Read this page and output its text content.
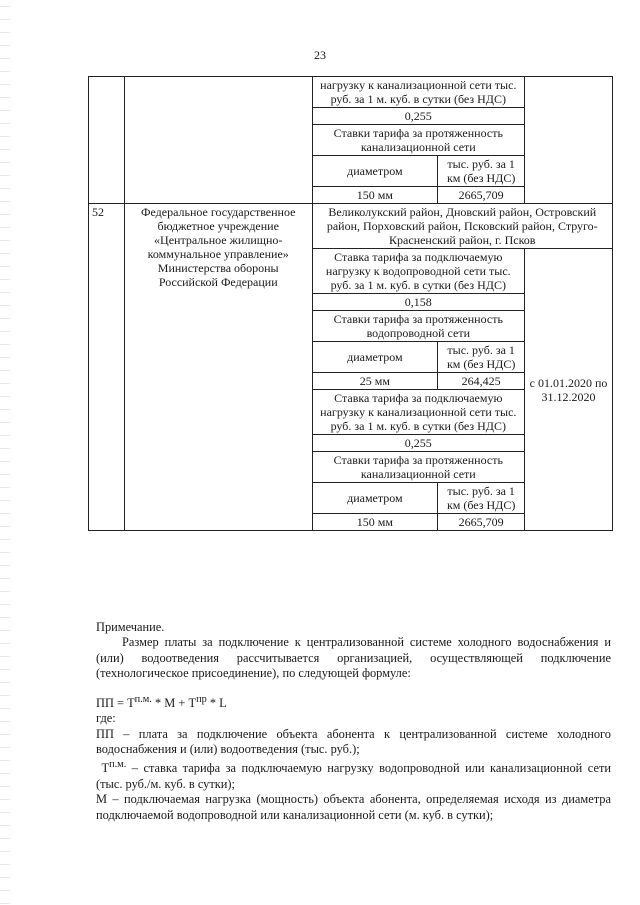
23
		нагрузку к канализационной сети тыс. руб. за 1 м. куб. в сутки (без НДС)		
		0,255		
		Ставки тарифа за протяженность канализационной сети		
		диаметром	тыс. руб. за 1 км (без НДС)	
		150 мм	2665,709	
52	Федеральное государственное бюджетное учреждение «Центральное жилищно-коммунальное управление» Министерства обороны Российской Федерации	Великолукский район, Дновский район, Островский район, Порховский район, Псковский район, Струго-Красненский район, г. Псков		
		Ставка тарифа за подключаемую нагрузку к водопроводной сети тыс. руб. за 1 м. куб. в сутки (без НДС)		с 01.01.2020 по 31.12.2020
		0,158		
		Ставки тарифа за протяженность водопроводной сети		
		диаметром	тыс. руб. за 1 км (без НДС)	
		25 мм	264,425	
		Ставка тарифа за подключаемую нагрузку к канализационной сети тыс. руб. за 1 м. куб. в сутки (без НДС)		
		0,255		
		Ставки тарифа за протяженность канализационной сети		
		диаметром	тыс. руб. за 1 км (без НДС)	
		150 мм	2665,709	

Примечание.

Размер платы за подключение к централизованной системе холодного водоснабжения и (или) водоотведения рассчитывается организацией, осуществляющей подключение (технологическое присоединение), по следующей формуле:

ПП = $Т^{п.м.} * М + Т^{пр} * L$

где:

ПП – плата за подключение объекта абонента к централизованной системе холодного водоснабжения и (или) водоотведения (тыс. руб.);

$Т^{п.м.}$ – ставка тарифа за подключаемую нагрузку водопроводной или канализационной сети (тыс. руб./м. куб. в сутки);

М – подключаемая нагрузка (мощность) объекта абонента, определяемая исходя из диаметра подключаемой водопроводной или канализационной сети (м. куб. в сутки);
